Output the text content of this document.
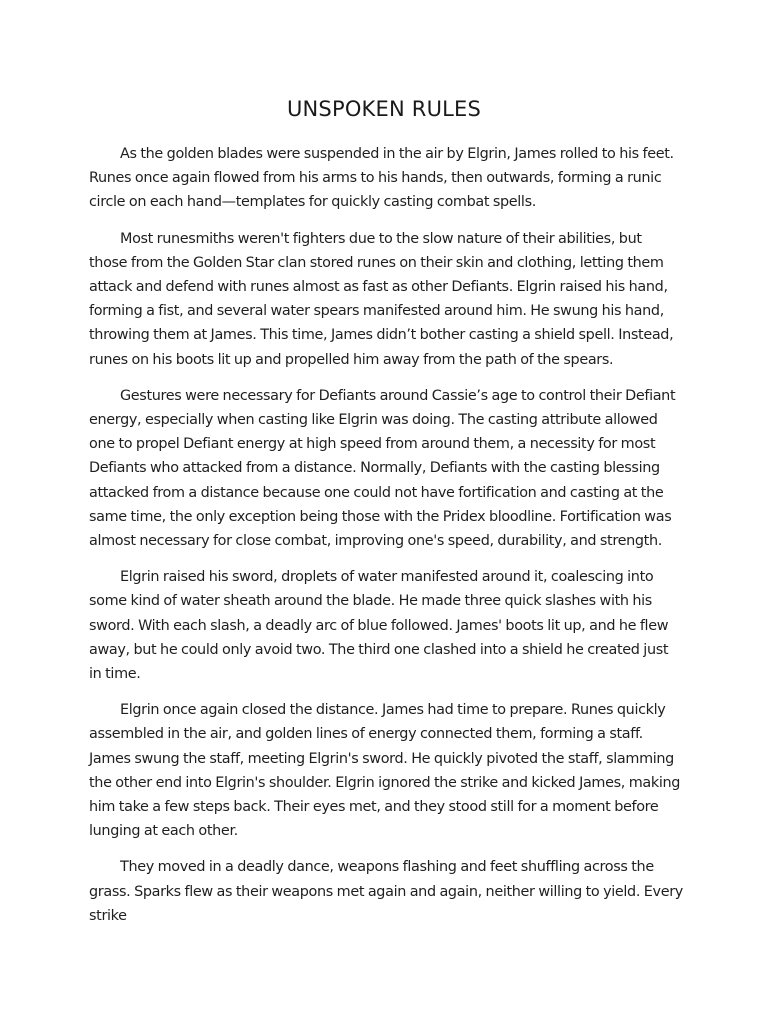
UNSPOKEN RULES

As the golden blades were suspended in the air by Elgrin, James rolled to his feet. Runes once again flowed from his arms to his hands, then outwards, forming a runic circle on each hand—templates for quickly casting combat spells.

Most runesmiths weren't fighters due to the slow nature of their abilities, but those from the Golden Star clan stored runes on their skin and clothing, letting them attack and defend with runes almost as fast as other Defiants. Elgrin raised his hand, forming a fist, and several water spears manifested around him. He swung his hand, throwing them at James. This time, James didn’t bother casting a shield spell. Instead, runes on his boots lit up and propelled him away from the path of the spears.

Gestures were necessary for Defiants around Cassie’s age to control their Defiant energy, especially when casting like Elgrin was doing. The casting attribute allowed one to propel Defiant energy at high speed from around them, a necessity for most Defiants who attacked from a distance. Normally, Defiants with the casting blessing attacked from a distance because one could not have fortification and casting at the same time, the only exception being those with the Pridex bloodline. Fortification was almost necessary for close combat, improving one's speed, durability, and strength.

Elgrin raised his sword, droplets of water manifested around it, coalescing into some kind of water sheath around the blade. He made three quick slashes with his sword. With each slash, a deadly arc of blue followed. James' boots lit up, and he flew away, but he could only avoid two. The third one clashed into a shield he created just in time.

Elgrin once again closed the distance. James had time to prepare. Runes quickly assembled in the air, and golden lines of energy connected them, forming a staff. James swung the staff, meeting Elgrin's sword. He quickly pivoted the staff, slamming the other end into Elgrin's shoulder. Elgrin ignored the strike and kicked James, making him take a few steps back. Their eyes met, and they stood still for a moment before lunging at each other.

They moved in a deadly dance, weapons flashing and feet shuffling across the grass. Sparks flew as their weapons met again and again, neither willing to yield. Every strike
